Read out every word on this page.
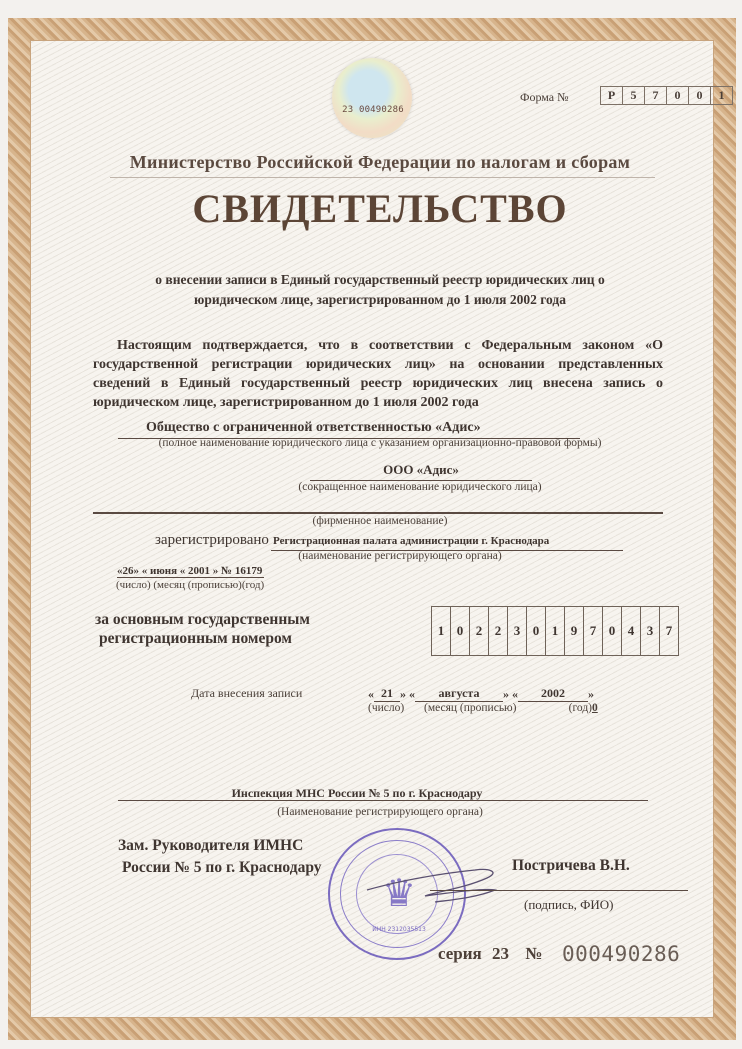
23 00490286
Форма №	Р	5	7	0	0	1
Министерство Российской Федерации по налогам и сборам
СВИДЕТЕЛЬСТВО
о внесении записи в Единый государственный реестр юридических лиц о
юридическом лице, зарегистрированном до 1 июля 2002 года
Настоящим подтверждается, что в соответствии с Федеральным законом «О государственной регистрации юридических лиц» на основании представленных сведений в Единый государственный реестр юридических лиц внесена запись о юридическом лице, зарегистрированном до 1 июля 2002 года
Общество с ограниченной ответственностью «Адис»
(полное наименование юридического лица с указанием организационно-правовой формы)
ООО «Адис»
(сокращенное наименование юридического лица)
(фирменное наименование)
зарегистрировано Регистрационная палата администрации г. Краснодара
(наименование регистрирующего органа)
«26» « июня « 2001 » № 16179
(число) (месяц (прописью)(год)
за основным государственным
регистрационным номером	1 0 2 2 3 0 1 9 7 0 4 3 7
Дата внесения записи	« 21 » «	августа	» «	2002	»
(число) (месяц (прописью)	(год)0
Инспекция МНС России № 5 по г. Краснодару
(Наименование регистрирующего органа)
Зам. Руководителя ИМНС
России № 5 по г. Краснодару
♛
ИНН 2312035513
Постричева В.Н.
(подпись, ФИО)
серия 23 № 000490286
